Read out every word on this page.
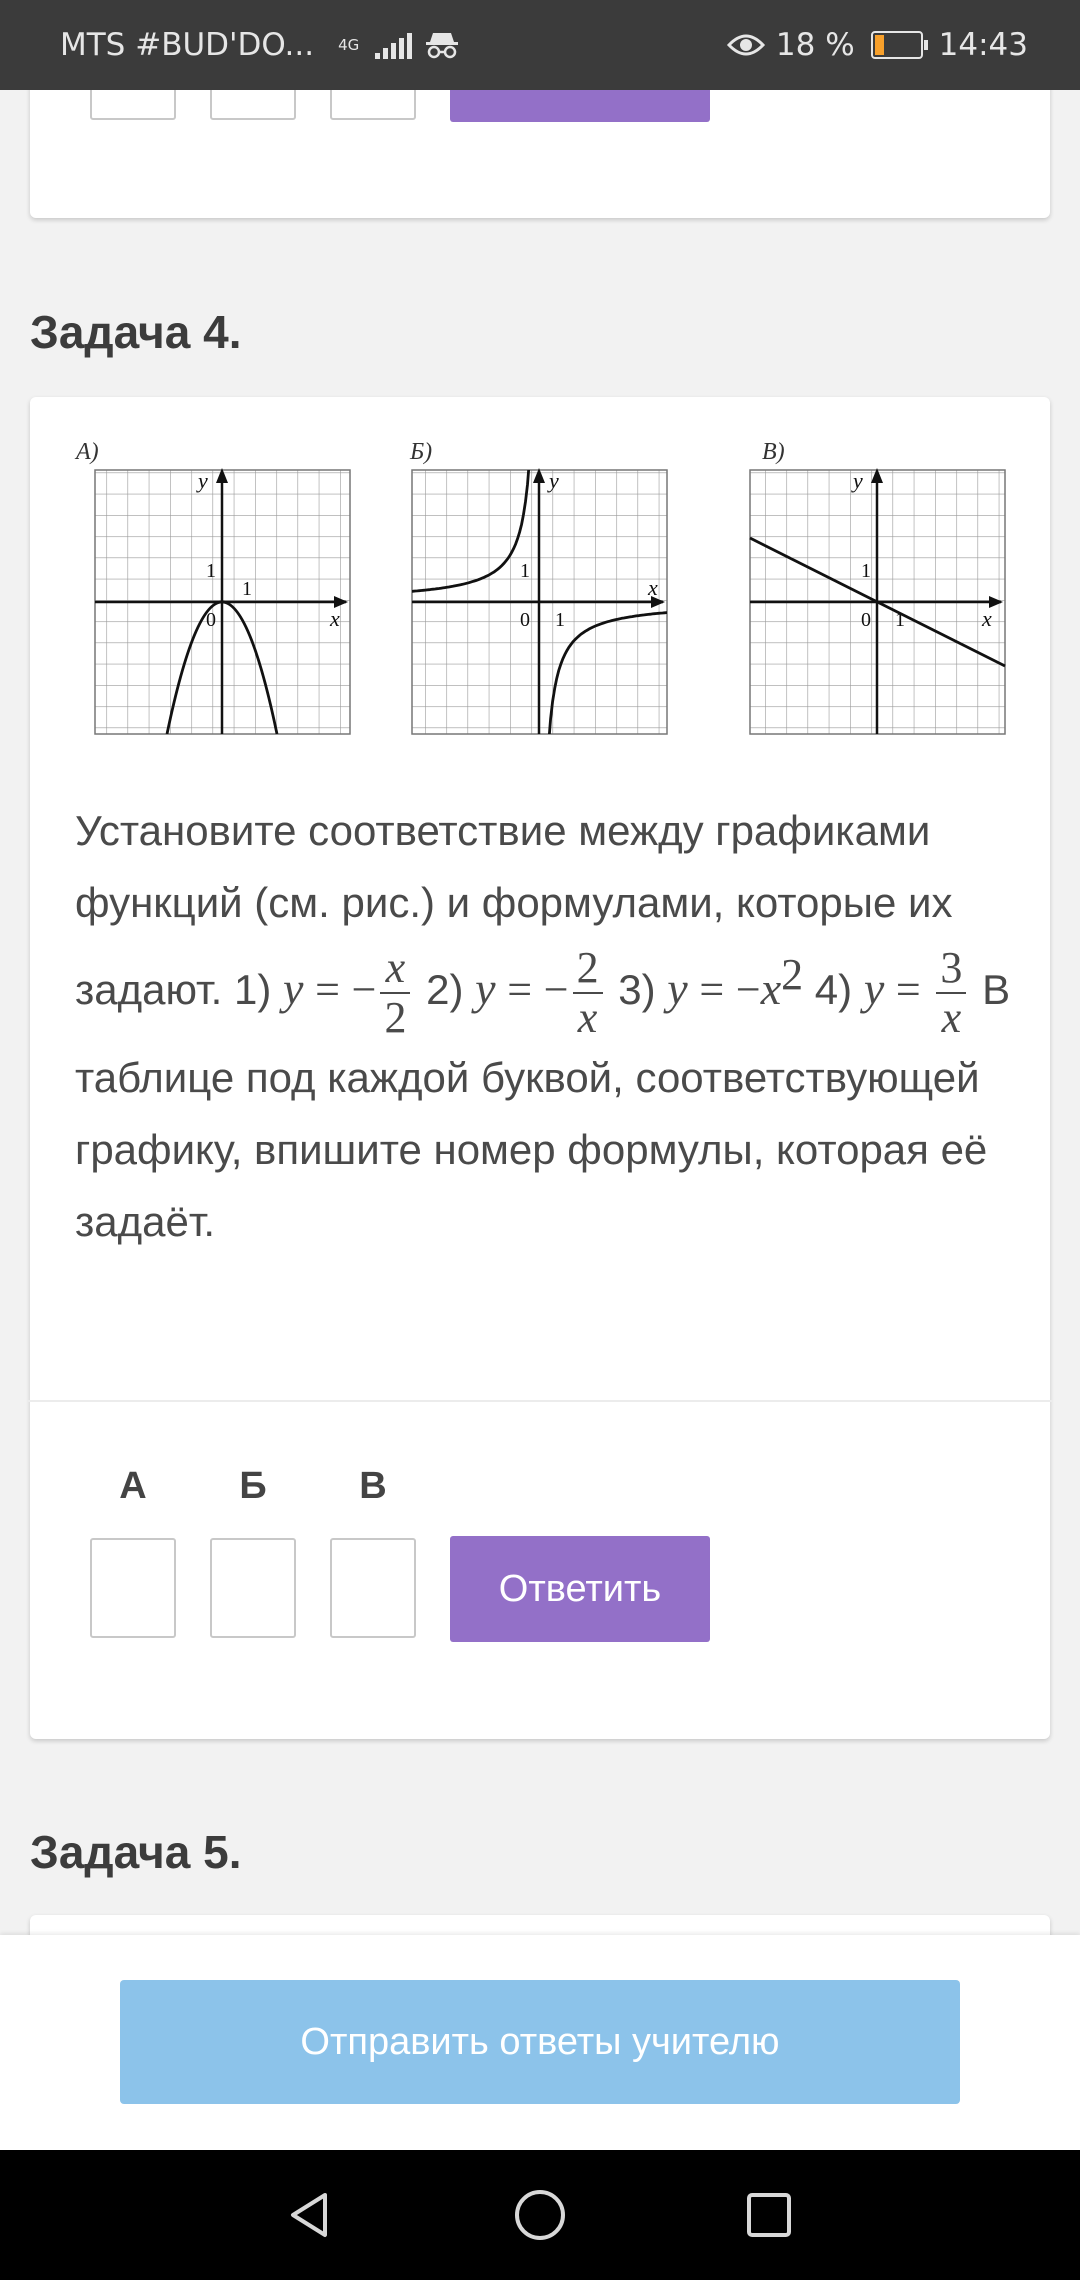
MTS #BUD'DO... 4G	18 %	14:43
Задача 4.
А)
y
x
1
1
0
Б)
y
x
1
1
0
В)
y
x
1
1
0
Установите соответствие между графиками функций (см. рис.) и формулами, которые их задают. 1) y = − $\frac{x}{2} 2$) y = − $\frac{2}{x} 3$) $y = -x^2$ 4) $y = \frac{3}{x}$ В таблице под каждой буквой, соответствующей графику, впишите номер формулы, которая её задаёт.
А	Б	В
Ответить
Задача 5.
Отправить ответы учителю
